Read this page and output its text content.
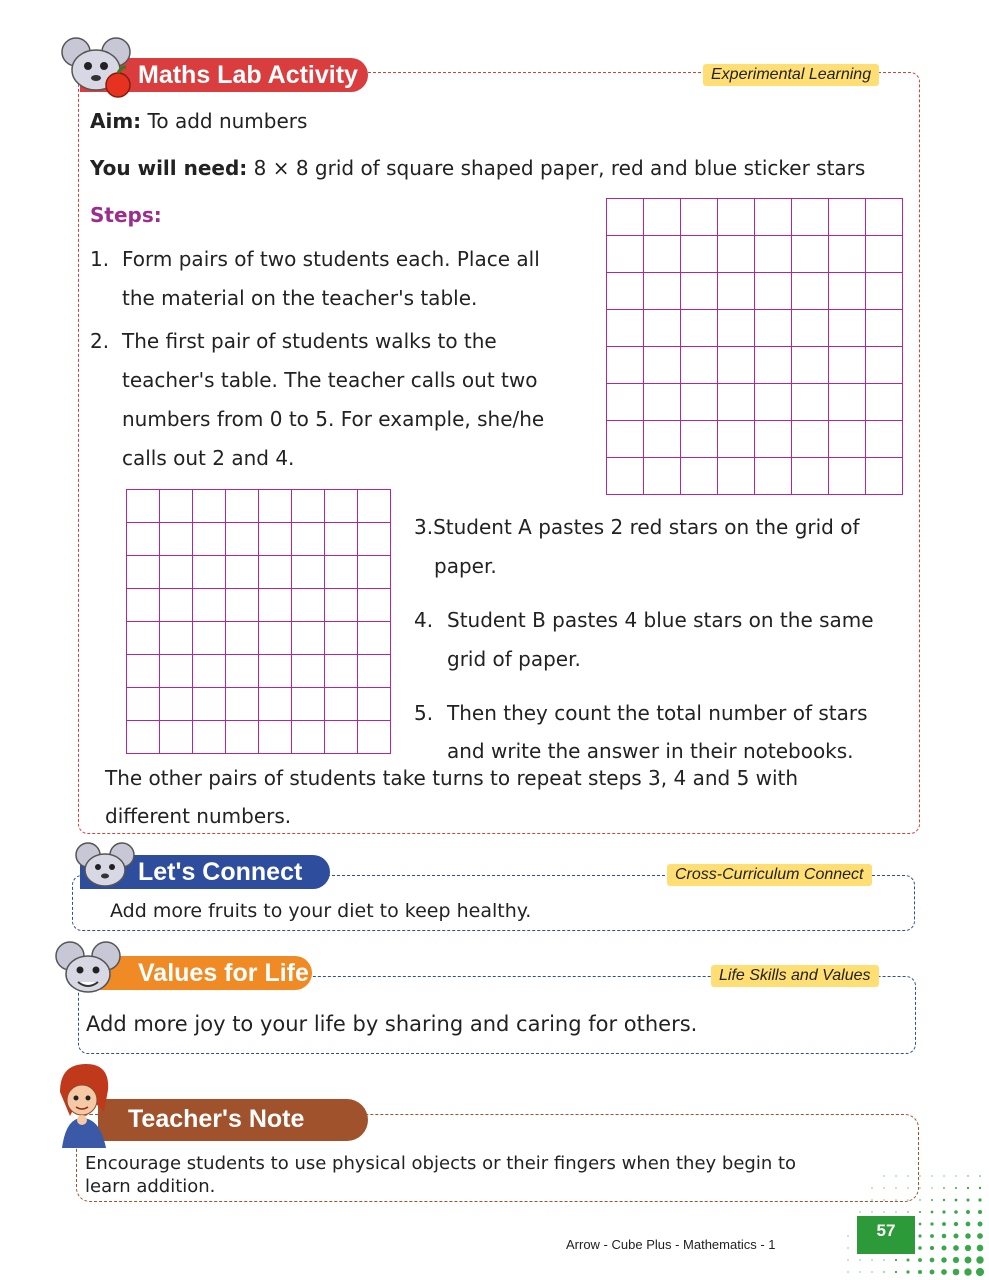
Maths Lab Activity	Experimental Learning
Aim: To add numbers
You will need: 8 × 8 grid of square shaped paper, red and blue sticker stars
Steps:
1. Form pairs of two students each. Place all
the material on the teacher's table.
2. The first pair of students walks to the
teacher's table. The teacher calls out two
numbers from 0 to 5. For example, she/he
calls out 2 and 4.
3.Student A pastes 2 red stars on the grid of
paper.
4. Student B pastes 4 blue stars on the same
grid of paper.
5. Then they count the total number of stars
and write the answer in their notebooks.
The other pairs of students take turns to repeat steps 3, 4 and 5 with
different numbers.
Let's Connect	Cross-Curriculum Connect
Add more fruits to your diet to keep healthy.
Values for Life	Life Skills and Values
Add more joy to your life by sharing and caring for others.
Teacher's Note
Encourage students to use physical objects or their fingers when they begin to
learn addition.
Arrow - Cube Plus - Mathematics - 1
57
